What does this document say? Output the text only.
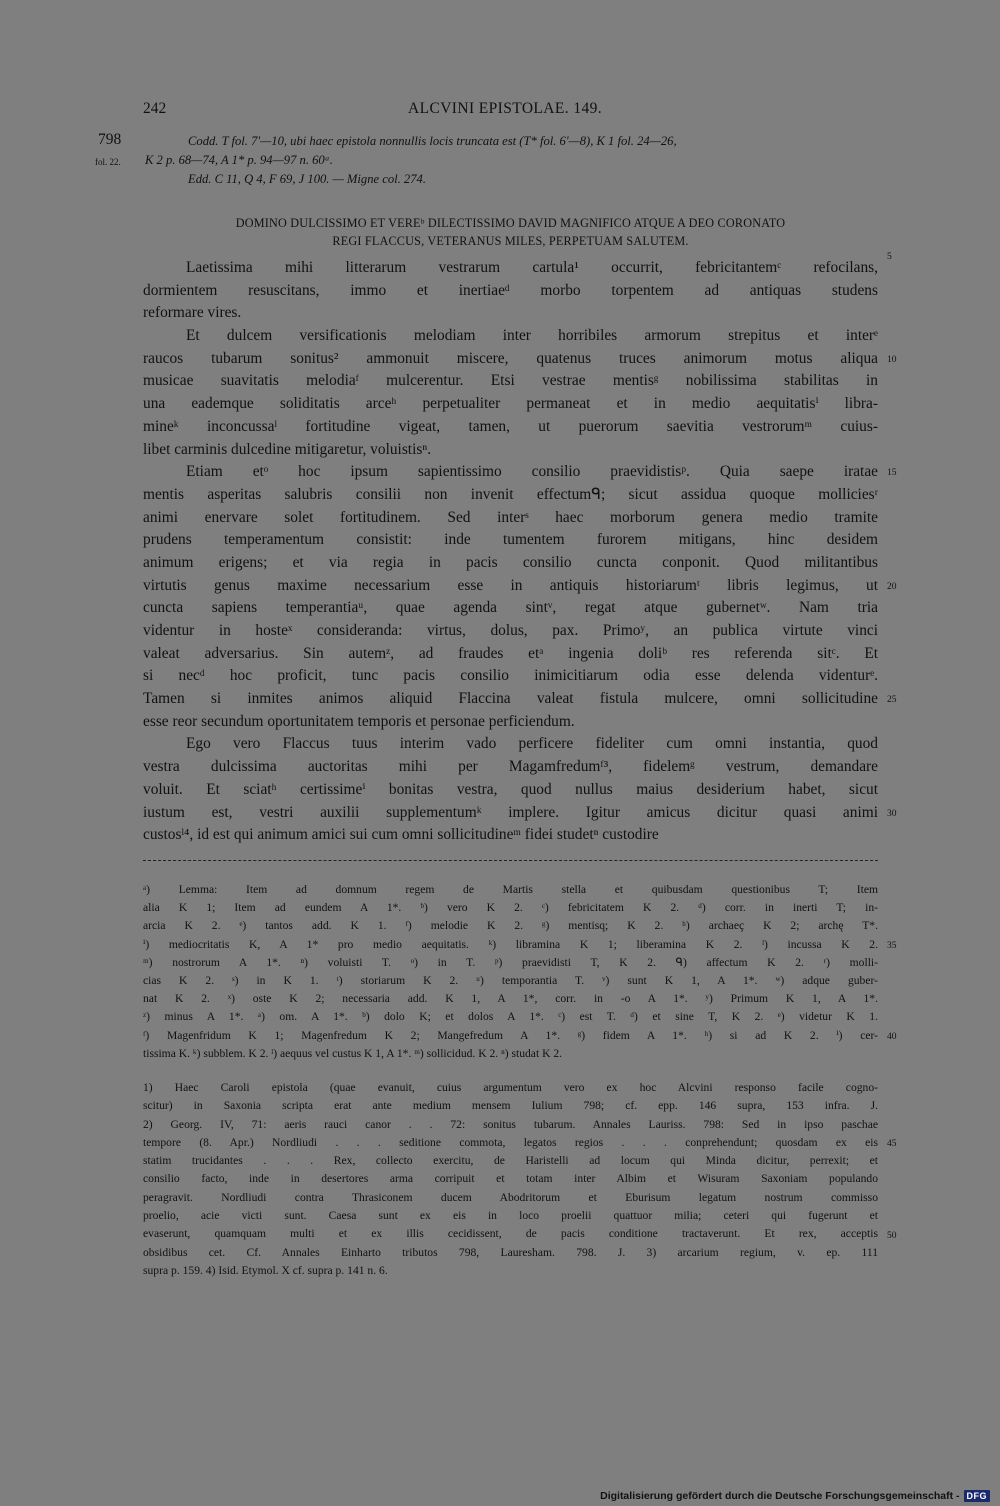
242	ALCVINI EPISTOLAE. 149.
798
fol. 22.
Codd. T fol. 7'—10, ubi haec epistola nonnullis locis truncata est (T* fol. 6'—8), K 1 fol. 24—26,
K 2 p. 68—74, A 1* p. 94—97 n. 60ᵃ.
Edd. C 11, Q 4, F 69, J 100. — Migne col. 274.
DOMINO DULCISSIMO ET VEREᵇ DILECTISSIMO DAVID MAGNIFICO ATQUE A DEO CORONATO
REGI FLACCUS, VETERANUS MILES, PERPETUAM SALUTEM.
Laetissima mihi litterarum vestrarum cartula¹ occurrit, febricitantemᶜ refocilans,
dormientem resuscitans, immo et inertiaeᵈ morbo torpentem ad antiquas studens
reformare vires.
Et dulcem versificationis melodiam inter horribiles armorum strepitus et interᵉ
raucos tubarum sonitus² ammonuit miscere, quatenus truces animorum motus aliqua
musicae suavitatis melodiaᶠ mulcerentur. Etsi vestrae mentisᵍ nobilissima stabilitas in
una eademque soliditatis arceʰ perpetualiter permaneat et in medio aequitatisⁱ libra-
mineᵏ inconcussaˡ fortitudine vigeat, tamen, ut puerorum saevitia vestrorumᵐ cuius-
libet carminis dulcedine mitigaretur, voluistisⁿ.
Etiam etᵒ hoc ipsum sapientissimo consilio praevidistisᵖ. Quia saepe iratae
mentis asperitas salubris consilii non invenit effectumᑫ; sicut assidua quoque molliciesʳ
animi enervare solet fortitudinem. Sed interˢ haec morborum genera medio tramite
prudens temperamentum consistit: inde tumentem furorem mitigans, hinc desidem
animum erigens; et via regia in pacis consilio cuncta conponit. Quod militantibus
virtutis genus maxime necessarium esse in antiquis historiarumᵗ libris legimus, ut
cuncta sapiens temperantiaᵘ, quae agenda sintᵛ, regat atque gubernetʷ. Nam tria
videntur in hosteˣ consideranda: virtus, dolus, pax. Primoʸ, an publica virtute vinci
valeat adversarius. Sin autemᶻ, ad fraudes etᵃ ingenia doliᵇ res referenda sitᶜ. Et
si necᵈ hoc proficit, tunc pacis consilio inimicitiarum odia esse delenda videnturᵉ.
Tamen si inmites animos aliquid Flaccina valeat fistula mulcere, omni sollicitudine
esse reor secundum oportunitatem temporis et personae perficiendum.
Ego vero Flaccus tuus interim vado perficere fideliter cum omni instantia, quod
vestra dulcissima auctoritas mihi per Magamfredumᶠ³, fidelemᵍ vestrum, demandare
voluit. Et sciatʰ certissimeⁱ bonitas vestra, quod nullus maius desiderium habet, sicut
iustum est, vestri auxilii supplementumᵏ implere. Igitur amicus dicitur quasi animi
custosˡ⁴, id est qui animum amici sui cum omni sollicitudineᵐ fidei studetⁿ custodire
ᵃ) Lemma: Item ad domnum regem de Martis stella et quibusdam questionibus T; Item
alia K 1; Item ad eundem A 1*. ᵇ) vero K 2. ᶜ) febricitatem K 2. ᵈ) corr. in inerti T; in-
arcia K 2. ᵉ) tantos add. K 1. ᶠ) melodie K 2. ᵍ) mentisq; K 2. ʰ) archaeç K 2; archę T*.
ⁱ) mediocritatis K, A 1* pro medio aequitatis. ᵏ) libramina K 1; liberamina K 2. ˡ) incussa K 2.
ᵐ) nostrorum A 1*. ⁿ) voluisti T. ᵒ) in T. ᵖ) praevidisti T, K 2. ᑫ) affectum K 2. ʳ) molli-
cias K 2. ˢ) in K 1. ᵗ) storiarum K 2. ᵘ) temporantia T. ᵛ) sunt K 1, A 1*. ʷ) adque guber-
nat K 2. ˣ) oste K 2; necessaria add. K 1, A 1*, corr. in -o A 1*. ʸ) Primum K 1, A 1*.
ᶻ) minus A 1*. ᵃ) om. A 1*. ᵇ) dolo K; et dolos A 1*. ᶜ) est T. ᵈ) et sine T, K 2. ᵉ) videtur K 1.
ᶠ) Magenfridum K 1; Magenfredum K 2; Mangefredum A 1*. ᵍ) fidem A 1*. ʰ) si ad K 2. ⁱ) cer-
tissima K. ᵏ) subblem. K 2. ˡ) aequus vel custus K 1, A 1*. ᵐ) sollicidud. K 2. ⁿ) studat K 2.
1) Haec Caroli epistola (quae evanuit, cuius argumentum vero ex hoc Alcvini responso facile cogno-
scitur) in Saxonia scripta erat ante medium mensem Iulium 798; cf. epp. 146 supra, 153 infra. J.
2) Georg. IV, 71: aeris rauci canor . . 72: sonitus tubarum. Annales Lauriss. 798: Sed in ipso paschae
tempore (8. Apr.) Nordliudi . . . seditione commota, legatos regios . . . conprehendunt; quosdam ex eis
statim trucidantes . . . Rex, collecto exercitu, de Haristelli ad locum qui Minda dicitur, perrexit; et
consilio facto, inde in desertores arma corripuit et totam inter Albim et Wisuram Saxoniam populando
peragravit. Nordliudi contra Thrasiconem ducem Abodritorum et Eburisum legatum nostrum commisso
proelio, acie victi sunt. Caesa sunt ex eis in loco proelii quattuor milia; ceteri qui fugerunt et
evaserunt, quamquam multi et ex illis cecidissent, de pacis conditione tractaverunt. Et rex, acceptis
obsidibus cet. Cf. Annales Einharto tributos 798, Lauresham. 798. J. 3) arcarium regium, v. ep. 111
supra p. 159. 4) Isid. Etymol. X cf. supra p. 141 n. 6.
5
10
15
20
25
30
35
40
45
50
Digitalisierung gefördert durch die Deutsche Forschungsgemeinschaft - DFG
